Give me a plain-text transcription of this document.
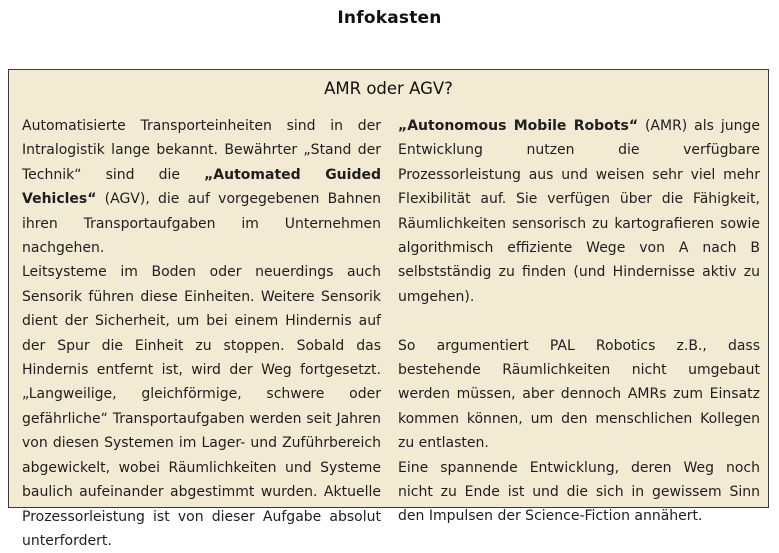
Infokasten
AMR oder AGV?

Automatisierte Transporteinheiten sind in der Intralogistik lange bekannt. Bewährter „Stand der Technik“ sind die „Automated Guided Vehicles“ (AGV), die auf vorgegebenen Bahnen ihren Transportaufgaben im Unternehmen nachgehen.

Leitsysteme im Boden oder neuerdings auch Sensorik führen diese Einheiten. Weitere Sensorik dient der Sicherheit, um bei einem Hindernis auf der Spur die Einheit zu stoppen. Sobald das Hindernis entfernt ist, wird der Weg fortgesetzt. „Langweilige, gleichförmige, schwere oder gefährliche“ Transportaufgaben werden seit Jahren von diesen Systemen im Lager- und Zuführbereich abgewickelt, wobei Räumlichkeiten und Systeme baulich aufeinander abgestimmt wurden. Aktuelle Prozessorleistung ist von dieser Aufgabe absolut unterfordert.

„Autonomous Mobile Robots“ (AMR) als junge Entwicklung nutzen die verfügbare Prozessorleistung aus und weisen sehr viel mehr Flexibilität auf. Sie verfügen über die Fähigkeit, Räumlichkeiten sensorisch zu kartografieren sowie algorithmisch effiziente Wege von A nach B selbstständig zu finden (und Hindernisse aktiv zu umgehen).

So argumentiert PAL Robotics z.B., dass bestehende Räumlichkeiten nicht umgebaut werden müssen, aber dennoch AMRs zum Einsatz kommen können, um den menschlichen Kollegen zu entlasten.

Eine spannende Entwicklung, deren Weg noch nicht zu Ende ist und die sich in gewissem Sinn den Impulsen der Science-Fiction annähert.
